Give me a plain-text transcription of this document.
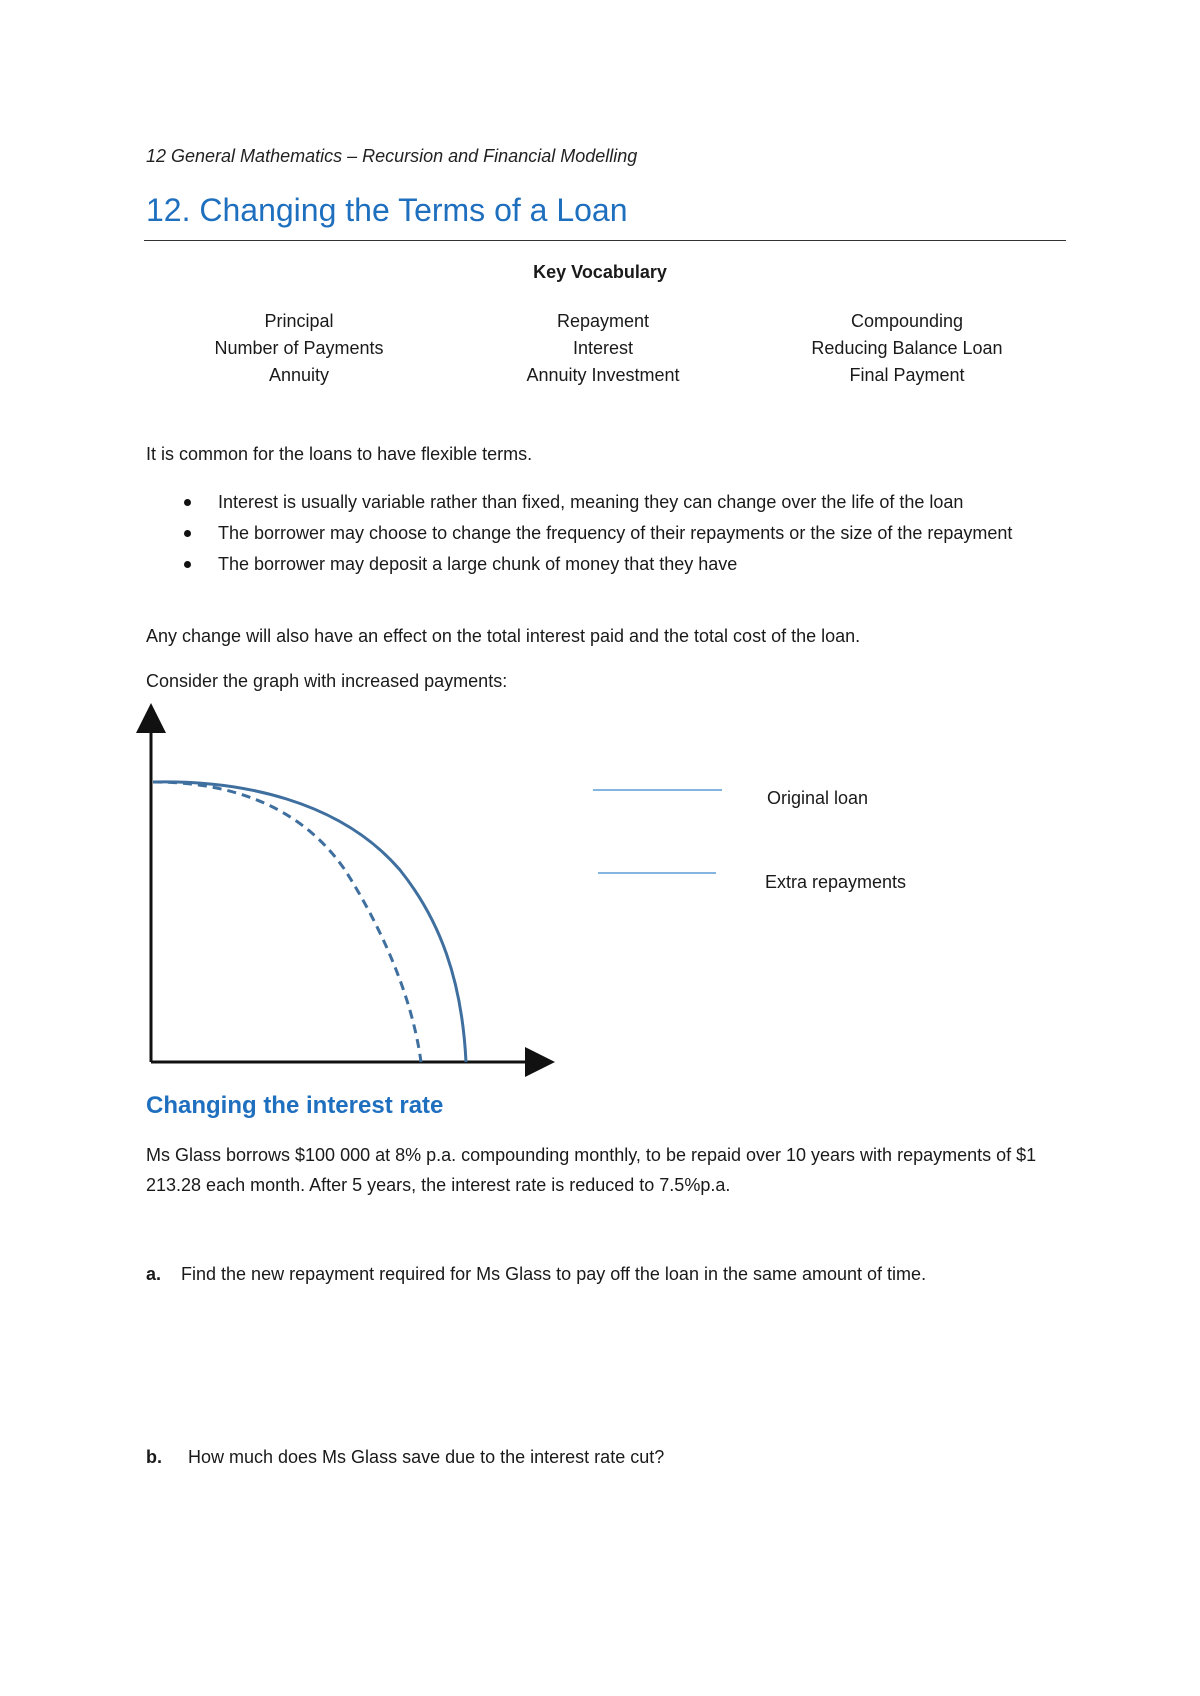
12 General Mathematics – Recursion and Financial Modelling
12. Changing the Terms of a Loan
Key Vocabulary
Principal
Number of Payments
Annuity
Repayment
Interest
Annuity Investment
Compounding
Reducing Balance Loan
Final Payment
It is common for the loans to have flexible terms.
Interest is usually variable rather than fixed, meaning they can change over the life of the loan
The borrower may choose to change the frequency of their repayments or the size of the repayment
The borrower may deposit a large chunk of money that they have
Any change will also have an effect on the total interest paid and the total cost of the loan.
Consider the graph with increased payments:
Original loan
Extra repayments
Changing the interest rate
Ms Glass borrows $100 000 at 8% p.a. compounding monthly, to be repaid over 10 years with repayments of $1 213.28 each month. After 5 years, the interest rate is reduced to 7.5%p.a.
a. Find the new repayment required for Ms Glass to pay off the loan in the same amount of time.
b. How much does Ms Glass save due to the interest rate cut?
